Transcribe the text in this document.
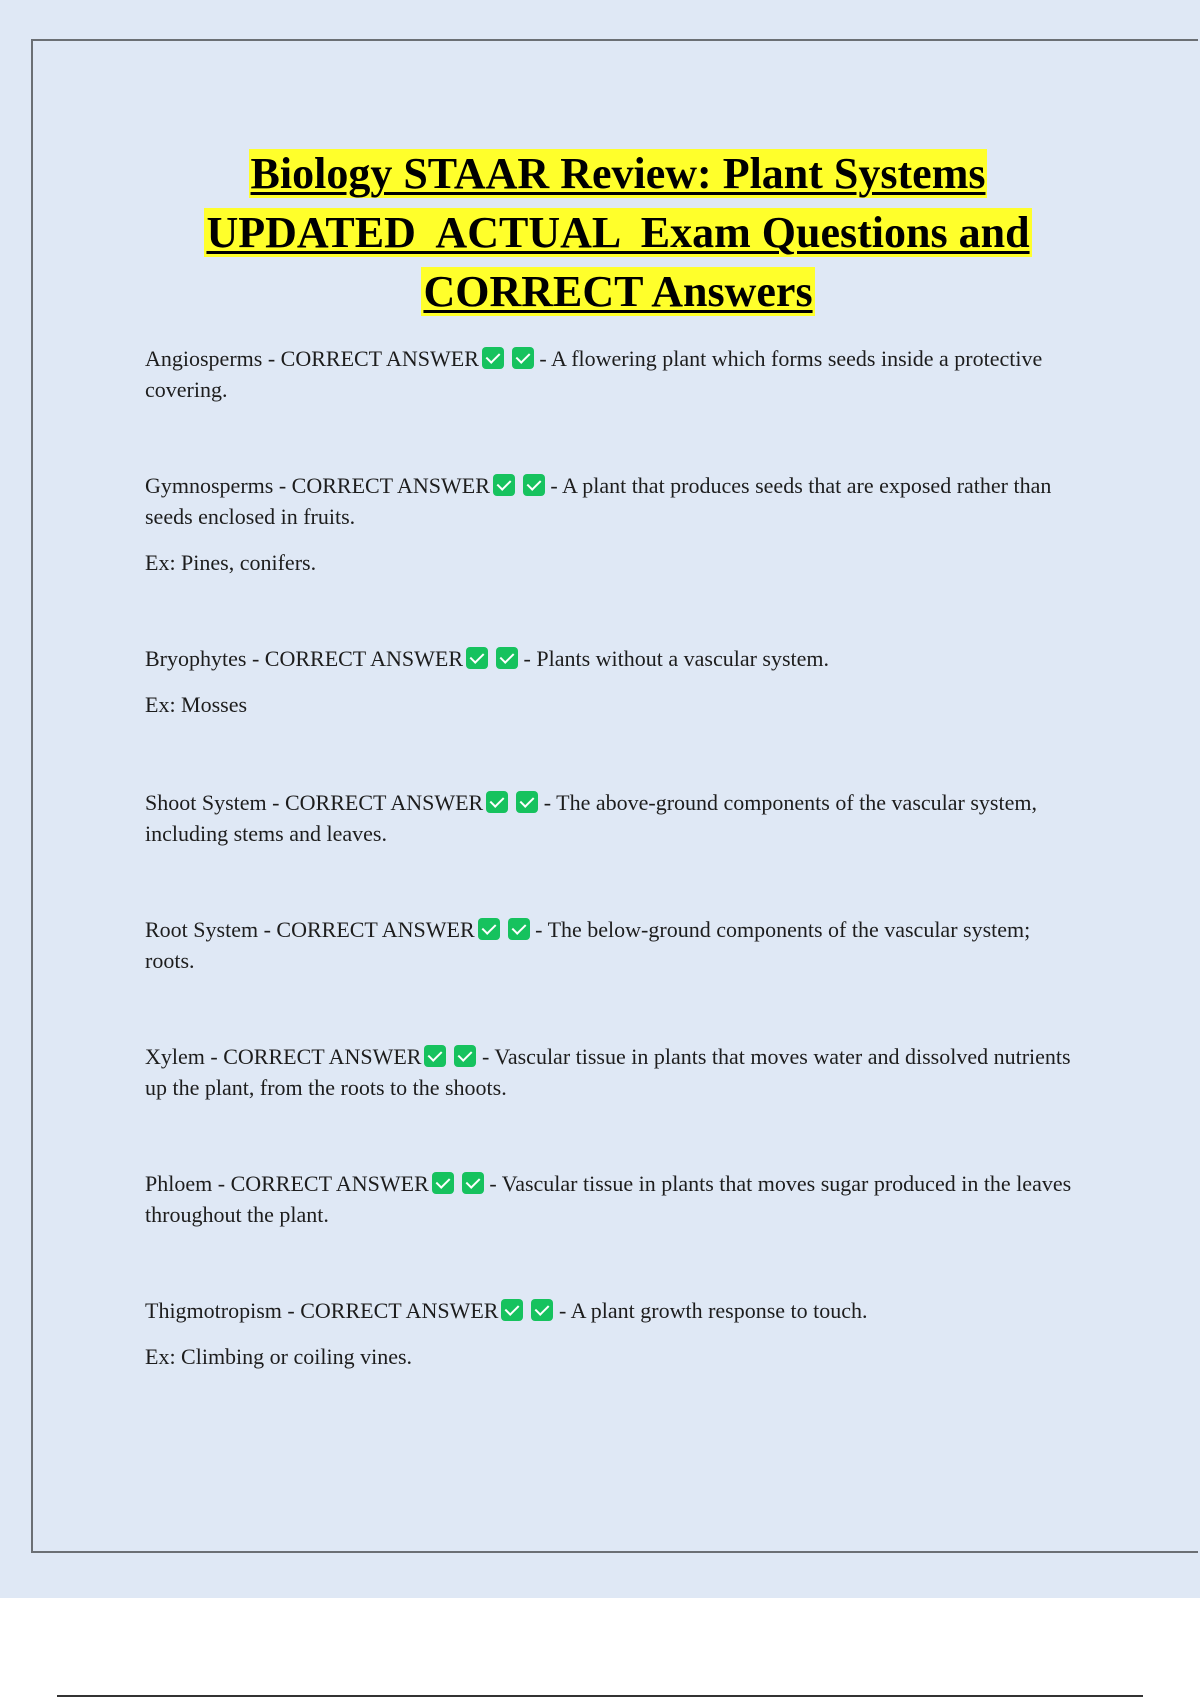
Biology STAAR Review: Plant Systems
UPDATED  ACTUAL  Exam Questions and
CORRECT Answers

Angiosperms - CORRECT ANSWER	- A flowering plant which forms seeds inside a protective covering.

Gymnosperms - CORRECT ANSWER	- A plant that produces seeds that are exposed rather than seeds enclosed in fruits.

Ex: Pines, conifers.

Bryophytes - CORRECT ANSWER	- Plants without a vascular system.

Ex: Mosses

Shoot System - CORRECT ANSWER	- The above-ground components of the vascular system, including stems and leaves.

Root System - CORRECT ANSWER	- The below-ground components of the vascular system; roots.

Xylem - CORRECT ANSWER	- Vascular tissue in plants that moves water and dissolved nutrients up the plant, from the roots to the shoots.

Phloem - CORRECT ANSWER	- Vascular tissue in plants that moves sugar produced in the leaves throughout the plant.

Thigmotropism - CORRECT ANSWER	- A plant growth response to touch.

Ex: Climbing or coiling vines.
